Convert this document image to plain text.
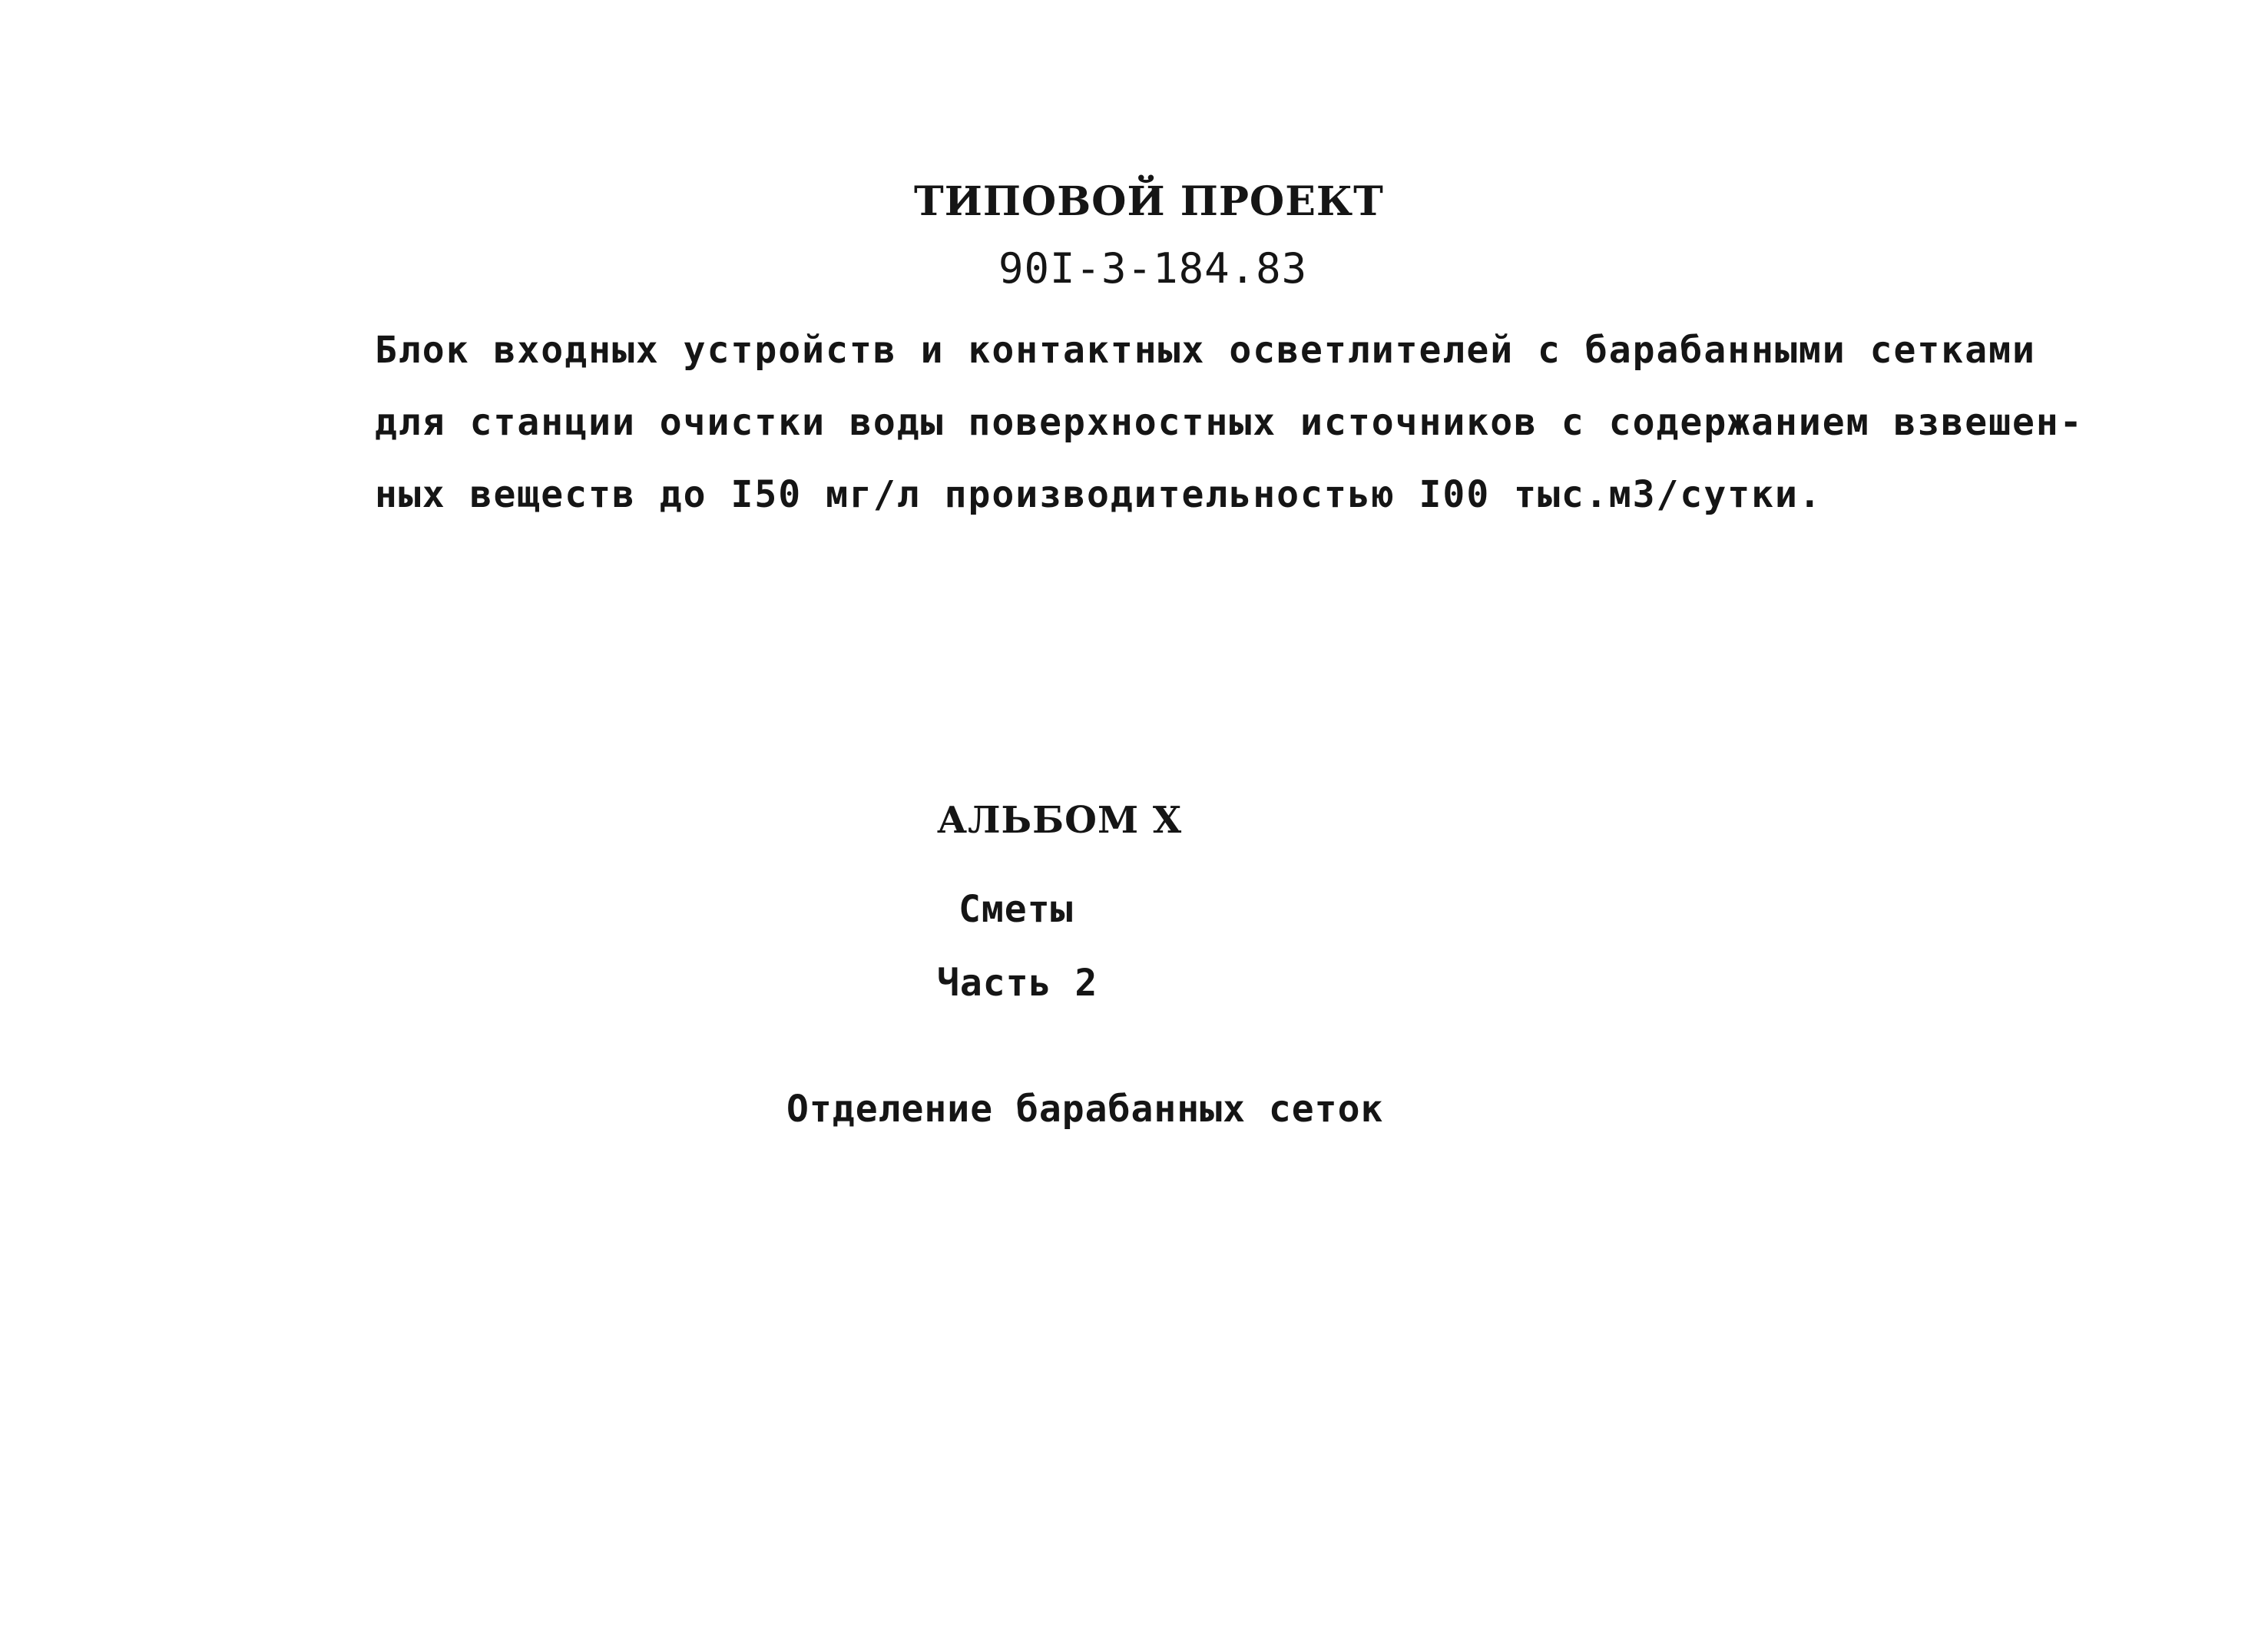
ТИПОВОЙ ПРОЕКТ
90I-3-184.83
Блок входных устройств и контактных осветлителей с барабанными сетками
для станции очистки воды поверхностных источников с содержанием взвешен-
ных веществ до I50 мг/л производительностью I00 тыс.м3/сутки.
АЛЬБОМ X
Сметы
Часть 2
Отделение барабанных сеток
